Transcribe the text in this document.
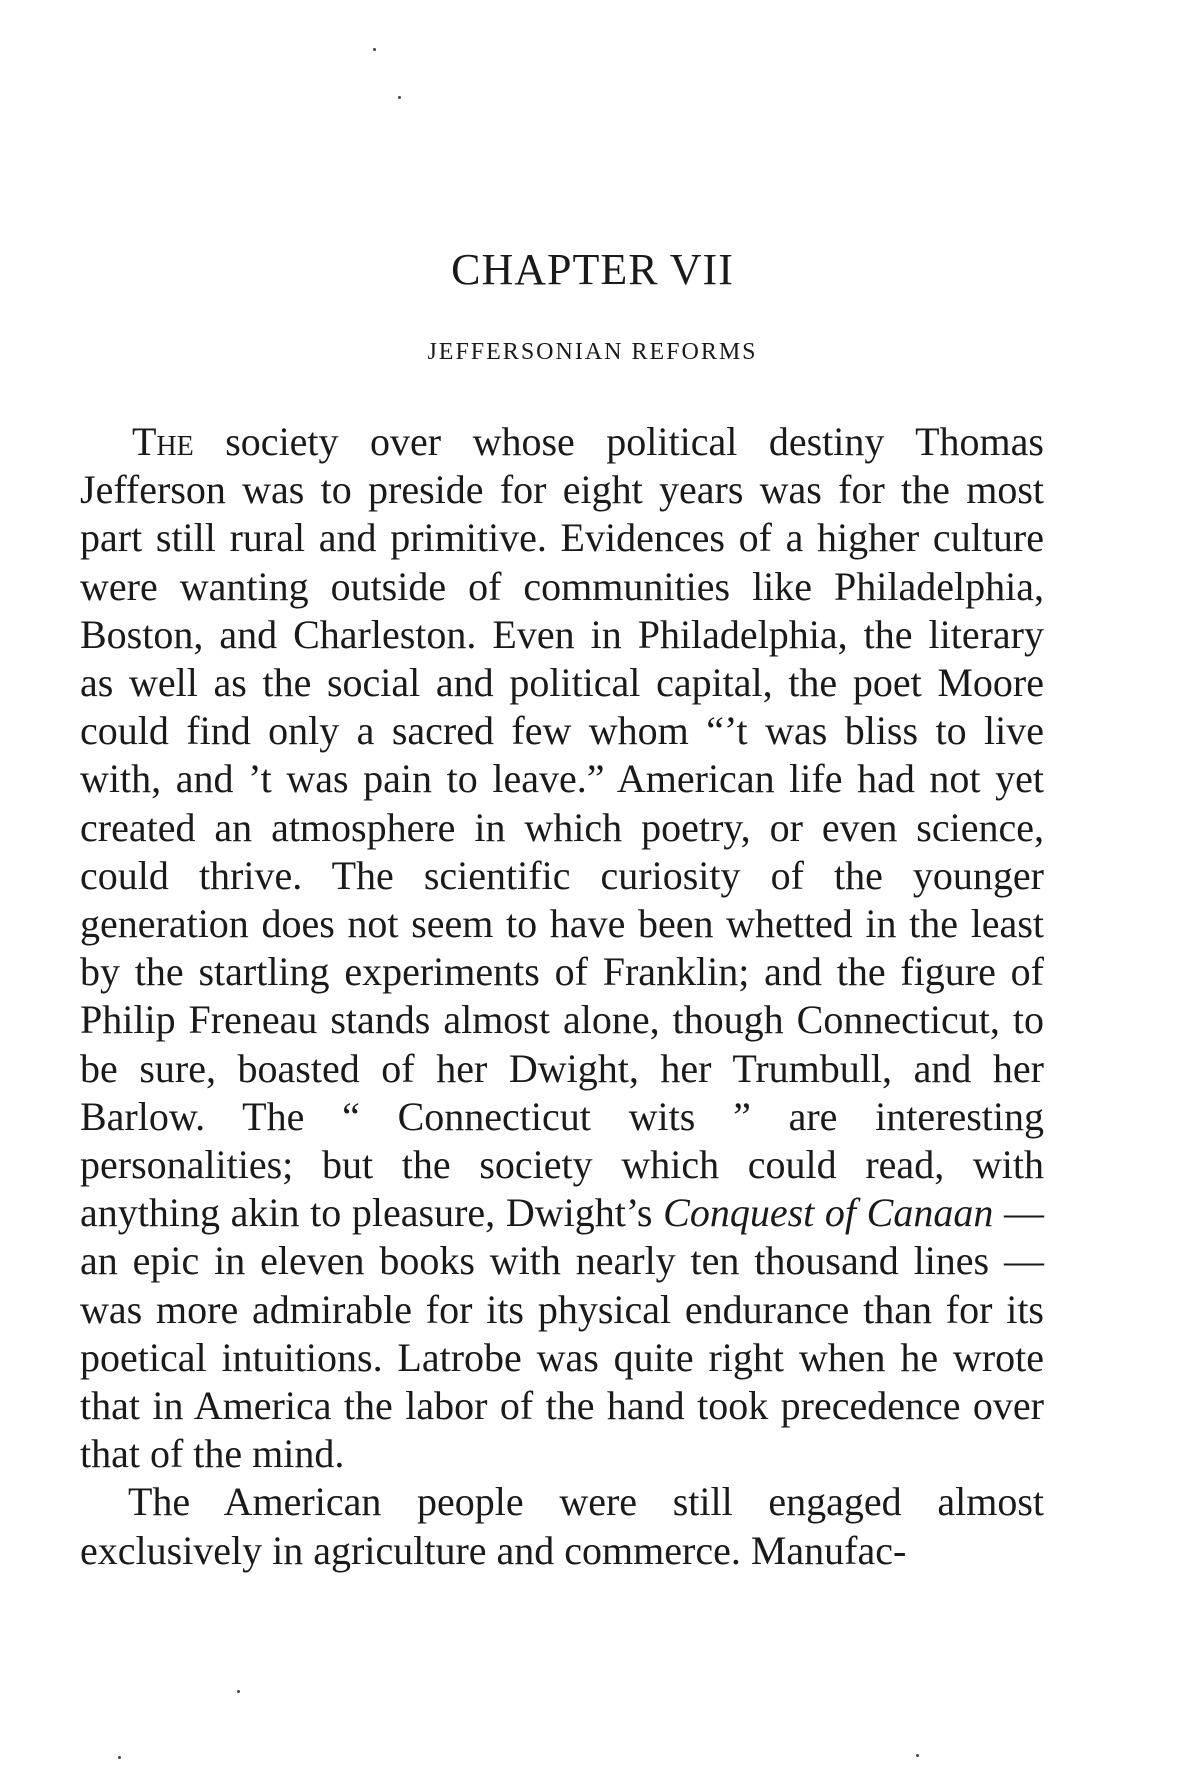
CHAPTER VII
JEFFERSONIAN REFORMS

The society over whose political destiny Thomas Jefferson was to preside for eight years was for the most part still rural and primitive. Evidences of a higher culture were wanting outside of communities like Philadelphia, Boston, and Charleston. Even in Philadelphia, the literary as well as the social and political capital, the poet Moore could find only a sacred few whom “’t was bliss to live with, and ’t was pain to leave.” American life had not yet created an atmosphere in which poetry, or even science, could thrive. The scientific curiosity of the younger generation does not seem to have been whetted in the least by the startling experiments of Franklin; and the figure of Philip Freneau stands almost alone, though Connecticut, to be sure, boasted of her Dwight, her Trumbull, and her Barlow. The “ Connecticut wits ” are interesting personalities; but the society which could read, with anything akin to pleasure, Dwight’s Conquest of Canaan — an epic in eleven books with nearly ten thousand lines — was more admirable for its physical endurance than for its poetical intuitions. Latrobe was quite right when he wrote that in America the labor of the hand took precedence over that of the mind.

The American people were still engaged almost exclusively in agriculture and commerce. Manufac-
